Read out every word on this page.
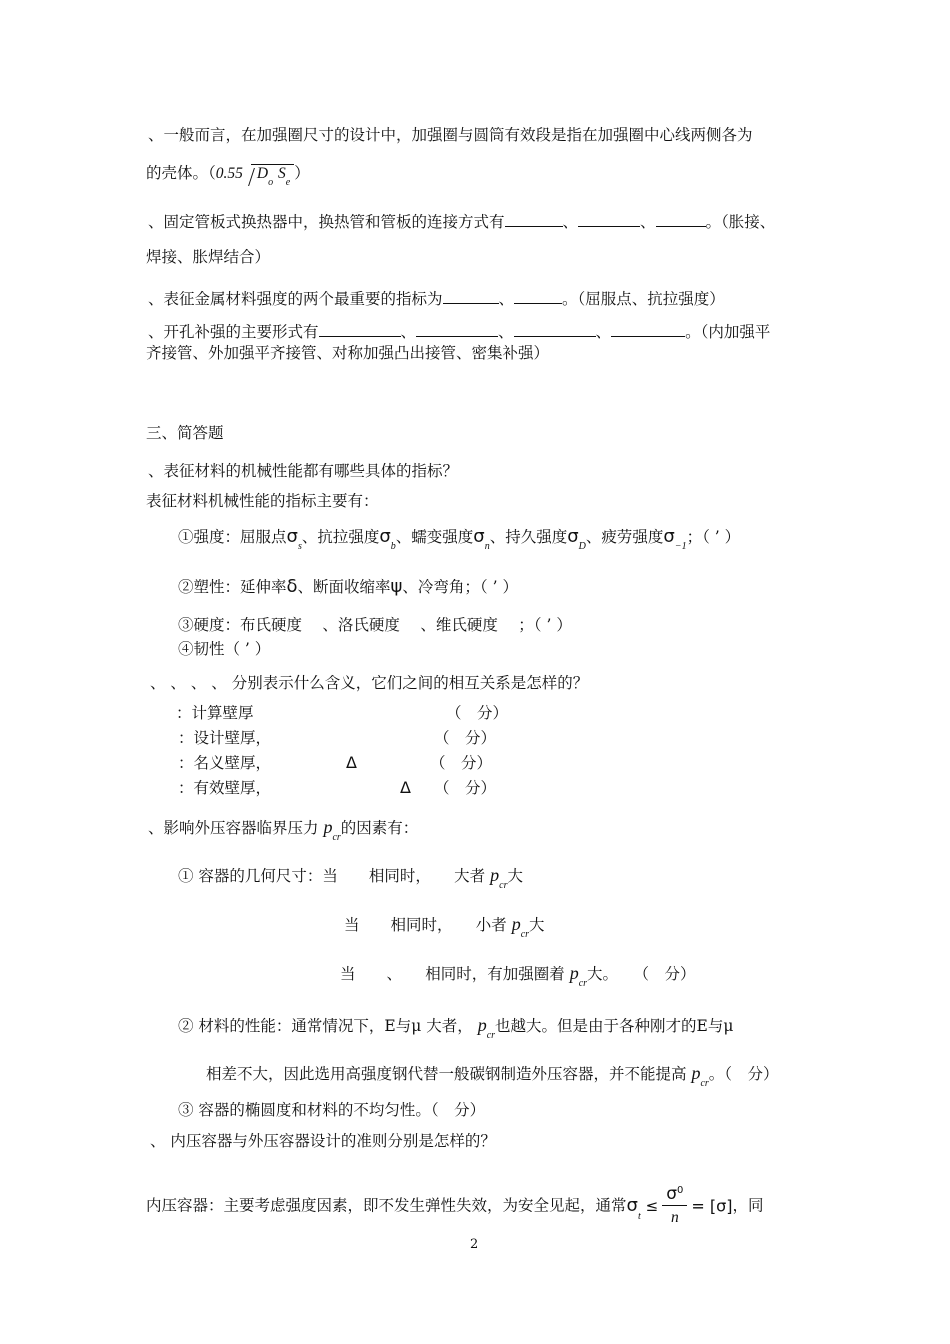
、一般而言，在加强圈尺寸的设计中，加强圈与圆筒有效段是指在加强圈中心线两侧各为
的壳体。（0.55 $D_o$ $S_e$）
、固定管板式换热器中，换热管和管板的连接方式有	、	、	。（胀接、
焊接、胀焊结合）
、表征金属材料强度的两个最重要的指标为	、	。（屈服点、抗拉强度）
、开孔补强的主要形式有	、	、	、	。（内加强平
齐接管、外加强平齐接管、对称加强凸出接管、密集补强）
三、简答题
、表征材料的机械性能都有哪些具体的指标？
表征材料机械性能的指标主要有：
①强度：屈服点$\sigma_s$、抗拉强度$\sigma_b$、蠕变强度$\sigma_n$、持久强度$\sigma_D$、疲劳强度$\sigma_{-1}$；（ ’ ）
②塑性：延伸率δ、断面收缩率ψ、冷弯角；（ ’ ）
③硬度：布氏硬度　 、洛氏硬度　 、维氏硬度　 ；（ ’ ）
④韧性（ ’ ）
、 、 、 、 分别表示什么含义，它们之间的相互关系是怎样的？
：计算壁厚	（　分）
：设计壁厚，	（　分）
：名义壁厚，	Δ	（　分）
：有效壁厚，	Δ （　分）
、影响外压容器临界压力 $p_{cr}$的因素有：
① 容器的几何尺寸：当　　相同时，　　大者 $p_{cr}$大
当　　相同时，　　小者 $p_{cr}$大
当　　、　　相同时，有加强圈着 $p_{cr}$大。　　（　分）
② 材料的性能：通常情况下，E与μ 大者， $p_{cr}$也越大。但是由于各种刚才的E与μ
相差不大，因此选用高强度钢代替一般碳钢制造外压容器，并不能提高 $p_{cr}$。（　分）
③ 容器的椭圆度和材料的不均匀性。（　分）
、 内压容器与外压容器设计的准则分别是怎样的？
内压容器：主要考虑强度因素，即不发生弹性失效，为安全见起，通常$\sigma_t \le \frac{\sigma^0}{n} = [\sigma]$，同
2
